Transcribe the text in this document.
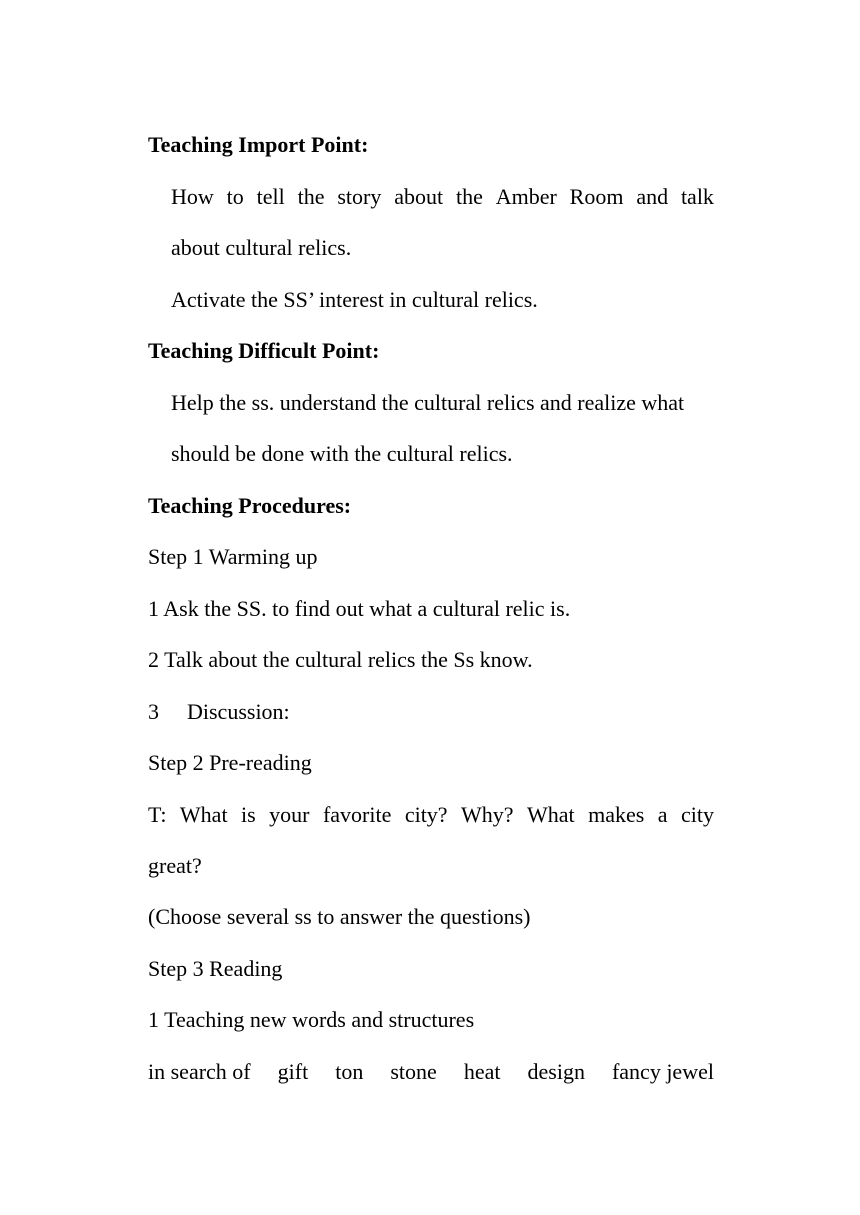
Teaching Import Point:
How to tell the story about the Amber Room and talk
about cultural relics.
Activate the SS’ interest in cultural relics.
Teaching Difficult Point:
Help the ss. understand the cultural relics and realize what
should be done with the cultural relics.
Teaching Procedures:
Step 1 Warming up
1 Ask the SS. to find out what a cultural relic is.
2 Talk about the cultural relics the Ss know.
3 Discussion:
Step 2 Pre-reading
T: What is your favorite city? Why? What makes a city
great?
(Choose several ss to answer the questions)
Step 3 Reading
1 Teaching new words and structures
in search of gift ton stone heat design fancy jewel
